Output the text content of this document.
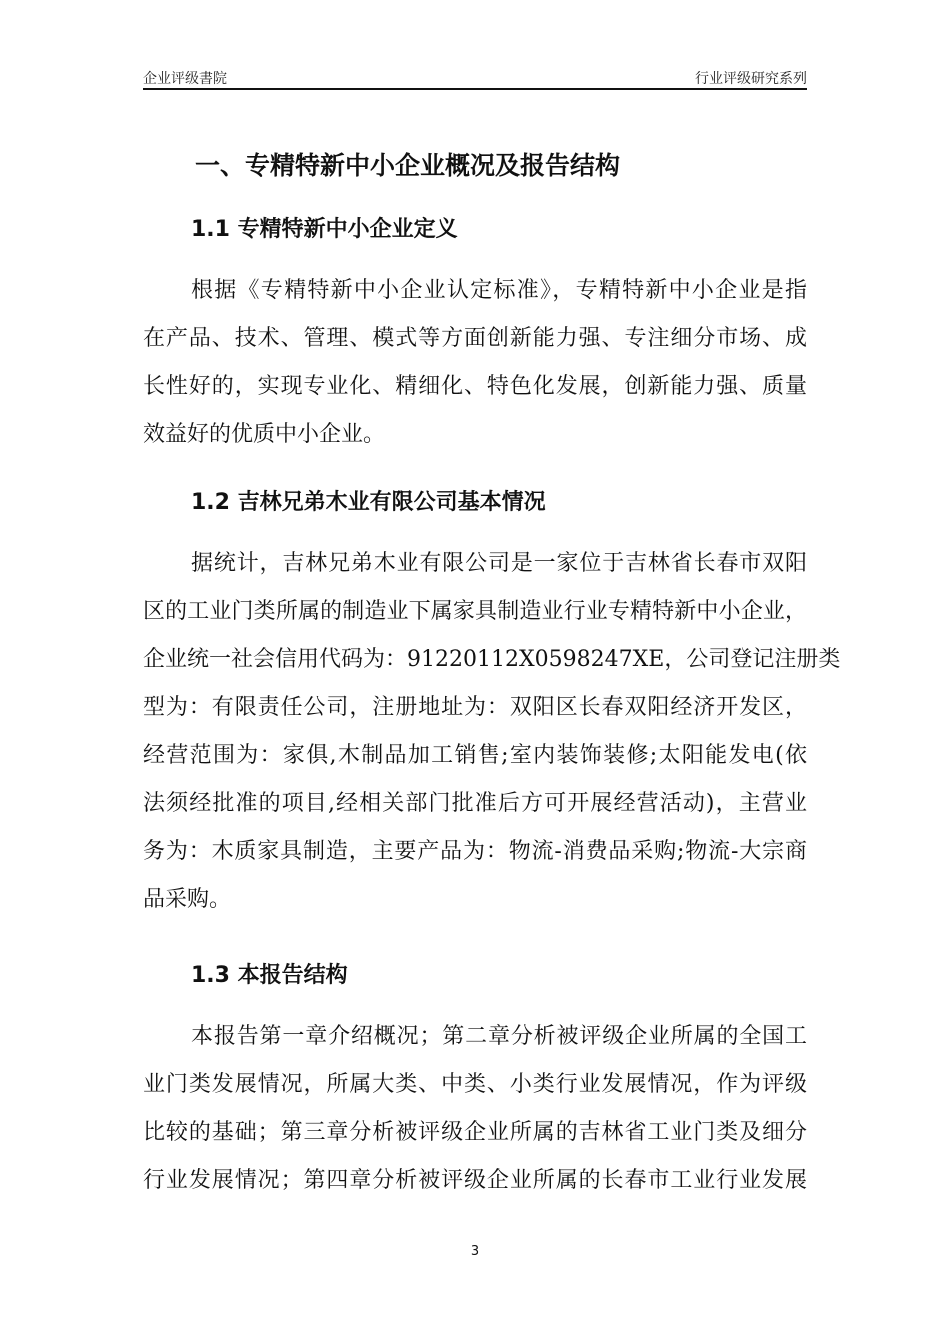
企业评级書院	行业评级研究系列
一、专精特新中小企业概况及报告结构
1.1 专精特新中小企业定义
根据《专精特新中小企业认定标准》，专精特新中小企业是指
在产品、技术、管理、模式等方面创新能力强、专注细分市场、成
长性好的，实现专业化、精细化、特色化发展，创新能力强、质量
效益好的优质中小企业。
1.2 吉林兄弟木业有限公司基本情况
据统计，吉林兄弟木业有限公司是一家位于吉林省长春市双阳
区的工业门类所属的制造业下属家具制造业行业专精特新中小企业，
企业统一社会信用代码为：91220112X0598247XE，公司登记注册类
型为：有限责任公司，注册地址为：双阳区长春双阳经济开发区，
经营范围为：家俱,木制品加工销售;室内装饰装修;太阳能发电(依
法须经批准的项目,经相关部门批准后方可开展经营活动)，主营业
务为：木质家具制造，主要产品为：物流-消费品采购;物流-大宗商
品采购。
1.3 本报告结构
本报告第一章介绍概况；第二章分析被评级企业所属的全国工
业门类发展情况，所属大类、中类、小类行业发展情况，作为评级
比较的基础；第三章分析被评级企业所属的吉林省工业门类及细分
行业发展情况；第四章分析被评级企业所属的长春市工业行业发展
3
